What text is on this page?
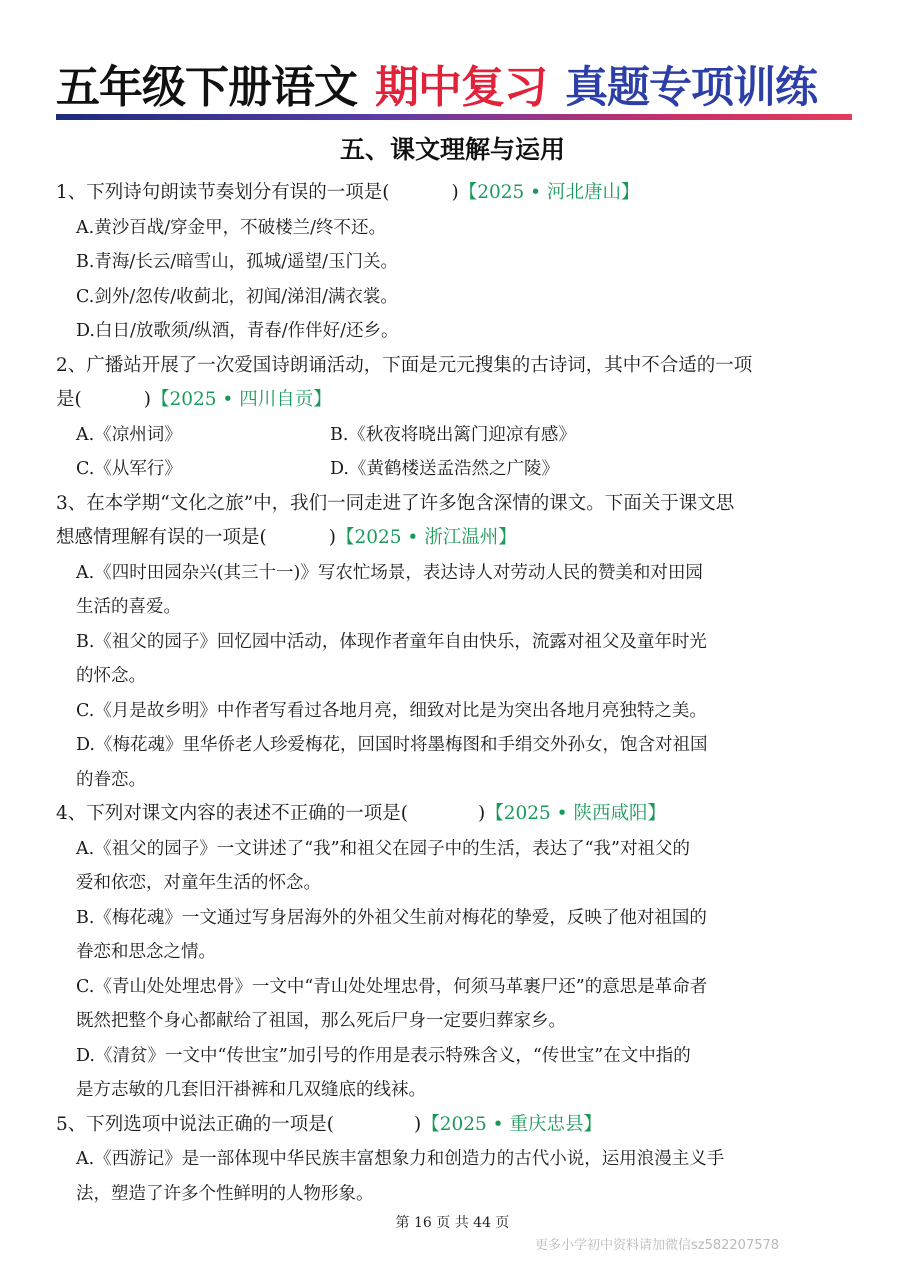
五年级下册语文 期中复习 真题专项训练
五、课文理解与运用
1、下列诗句朗读节奏划分有误的一项是(	)【2025 • 河北唐山】
A.黄沙百战/穿金甲，不破楼兰/终不还。
B.青海/长云/暗雪山，孤城/遥望/玉门关。
C.剑外/忽传/收蓟北，初闻/涕泪/满衣裳。
D.白日/放歌须/纵酒，青春/作伴好/还乡。
2、广播站开展了一次爱国诗朗诵活动，下面是元元搜集的古诗词，其中不合适的一项
是(	)【2025 • 四川自贡】
A.《凉州词》	B.《秋夜将晓出篱门迎凉有感》
C.《从军行》	D.《黄鹤楼送孟浩然之广陵》
3、在本学期“文化之旅”中，我们一同走进了许多饱含深情的课文。下面关于课文思
想感情理解有误的一项是(	)【2025 • 浙江温州】
A.《四时田园杂兴(其三十一)》写农忙场景，表达诗人对劳动人民的赞美和对田园
生活的喜爱。
B.《祖父的园子》回忆园中活动，体现作者童年自由快乐，流露对祖父及童年时光
的怀念。
C.《月是故乡明》中作者写看过各地月亮，细致对比是为突出各地月亮独特之美。
D.《梅花魂》里华侨老人珍爱梅花，回国时将墨梅图和手绢交外孙女，饱含对祖国
的眷恋。
4、下列对课文内容的表述不正确的一项是(	)【2025 • 陕西咸阳】
A.《祖父的园子》一文讲述了“我”和祖父在园子中的生活，表达了“我”对祖父的
爱和依恋，对童年生活的怀念。
B.《梅花魂》一文通过写身居海外的外祖父生前对梅花的挚爱，反映了他对祖国的
眷恋和思念之情。
C.《青山处处埋忠骨》一文中“青山处处埋忠骨，何须马革裹尸还”的意思是革命者
既然把整个身心都献给了祖国，那么死后尸身一定要归葬家乡。
D.《清贫》一文中“传世宝”加引号的作用是表示特殊含义，“传世宝”在文中指的
是方志敏的几套旧汗褂裤和几双缝底的线袜。
5、下列选项中说法正确的一项是(	)【2025 • 重庆忠县】
A.《西游记》是一部体现中华民族丰富想象力和创造力的古代小说，运用浪漫主义手
法，塑造了许多个性鲜明的人物形象。
第 16 页 共 44 页
更多小学初中资料请加微信sz582207578
